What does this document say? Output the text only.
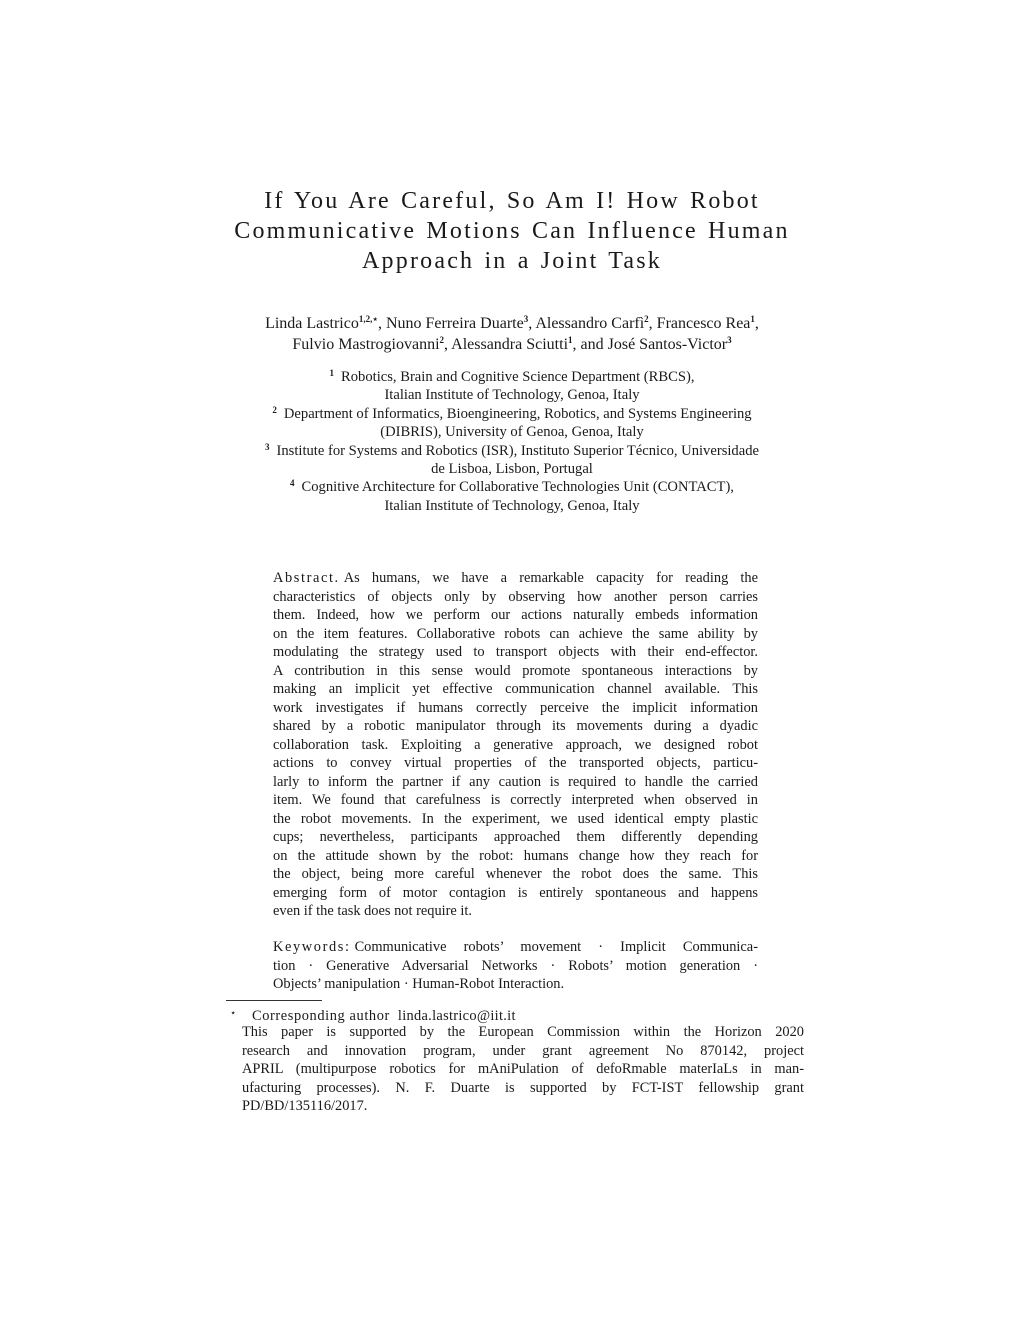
If You Are Careful, So Am I! How Robot
Communicative Motions Can Influence Human
Approach in a Joint Task
Linda Lastrico$^{1,2,⋆}$, Nuno Ferreira Duarte$^3$, Alessandro Carfì$^2$, Francesco Rea$^1$,
Fulvio Mastrogiovanni$^2$, Alessandra Sciutti$^1$, and José Santos-Victor$^3$
$^1$ Robotics, Brain and Cognitive Science Department (RBCS),
Italian Institute of Technology, Genoa, Italy
$^2$ Department of Informatics, Bioengineering, Robotics, and Systems Engineering
(DIBRIS), University of Genoa, Genoa, Italy
$^3$ Institute for Systems and Robotics (ISR), Instituto Superior Técnico, Universidade
de Lisboa, Lisbon, Portugal
$^4$ Cognitive Architecture for Collaborative Technologies Unit (CONTACT),
Italian Institute of Technology, Genoa, Italy
Abstract. As humans, we have a remarkable capacity for reading the
characteristics of objects only by observing how another person carries
them. Indeed, how we perform our actions naturally embeds information
on the item features. Collaborative robots can achieve the same ability by
modulating the strategy used to transport objects with their end-effector.
A contribution in this sense would promote spontaneous interactions by
making an implicit yet effective communication channel available. This
work investigates if humans correctly perceive the implicit information
shared by a robotic manipulator through its movements during a dyadic
collaboration task. Exploiting a generative approach, we designed robot
actions to convey virtual properties of the transported objects, particu-
larly to inform the partner if any caution is required to handle the carried
item. We found that carefulness is correctly interpreted when observed in
the robot movements. In the experiment, we used identical empty plastic
cups; nevertheless, participants approached them differently depending
on the attitude shown by the robot: humans change how they reach for
the object, being more careful whenever the robot does the same. This
emerging form of motor contagion is entirely spontaneous and happens
even if the task does not require it.
Keywords: Communicative robots’ movement · Implicit Communica-
tion · Generative Adversarial Networks · Robots’ motion generation ·
Objects’ manipulation · Human-Robot Interaction.
⋆ Corresponding author linda.lastrico@iit.it
This paper is supported by the European Commission within the Horizon 2020
research and innovation program, under grant agreement No 870142, project
APRIL (multipurpose robotics for mAniPulation of defoRmable materIaLs in man-
ufacturing processes). N. F. Duarte is supported by FCT-IST fellowship grant
PD/BD/135116/2017.
